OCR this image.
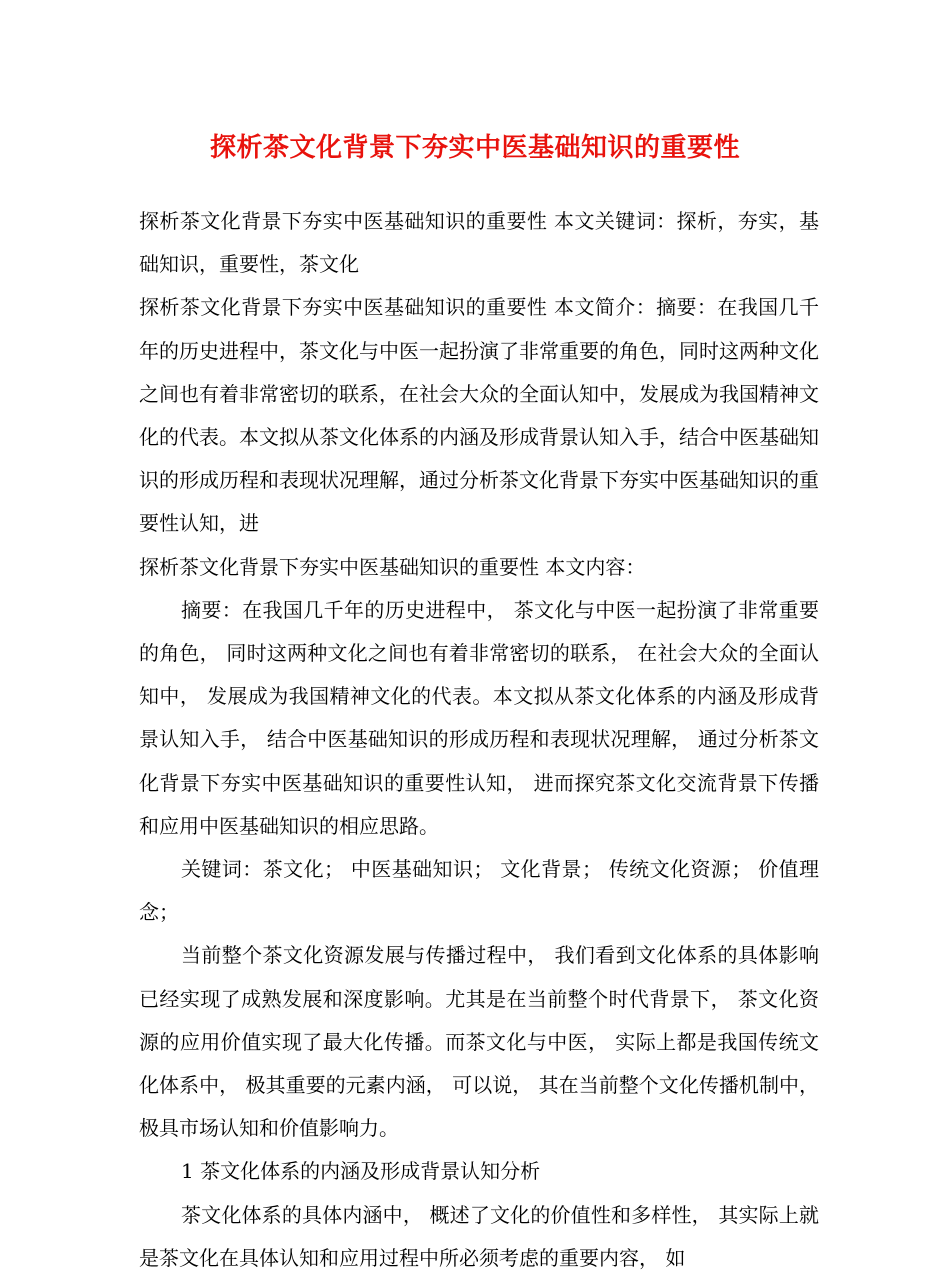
探析茶文化背景下夯实中医基础知识的重要性

探析茶文化背景下夯实中医基础知识的重要性 本文关键词：探析，夯实，基础知识，重要性，茶文化

探析茶文化背景下夯实中医基础知识的重要性 本文简介：摘要：在我国几千年的历史进程中，茶文化与中医一起扮演了非常重要的角色，同时这两种文化之间也有着非常密切的联系，在社会大众的全面认知中，发展成为我国精神文化的代表。本文拟从茶文化体系的内涵及形成背景认知入手，结合中医基础知识的形成历程和表现状况理解，通过分析茶文化背景下夯实中医基础知识的重要性认知，进

探析茶文化背景下夯实中医基础知识的重要性 本文内容：

摘要：在我国几千年的历史进程中， 茶文化与中医一起扮演了非常重要的角色， 同时这两种文化之间也有着非常密切的联系， 在社会大众的全面认知中， 发展成为我国精神文化的代表。本文拟从茶文化体系的内涵及形成背景认知入手， 结合中医基础知识的形成历程和表现状况理解， 通过分析茶文化背景下夯实中医基础知识的重要性认知， 进而探究茶文化交流背景下传播和应用中医基础知识的相应思路。

关键词：茶文化； 中医基础知识； 文化背景； 传统文化资源； 价值理念；

当前整个茶文化资源发展与传播过程中， 我们看到文化体系的具体影响已经实现了成熟发展和深度影响。尤其是在当前整个时代背景下， 茶文化资源的应用价值实现了最大化传播。而茶文化与中医， 实际上都是我国传统文化体系中， 极其重要的元素内涵， 可以说， 其在当前整个文化传播机制中， 极具市场认知和价值影响力。

1 茶文化体系的内涵及形成背景认知分析

茶文化体系的具体内涵中， 概述了文化的价值性和多样性， 其实际上就是茶文化在具体认知和应用过程中所必须考虑的重要内容， 如
